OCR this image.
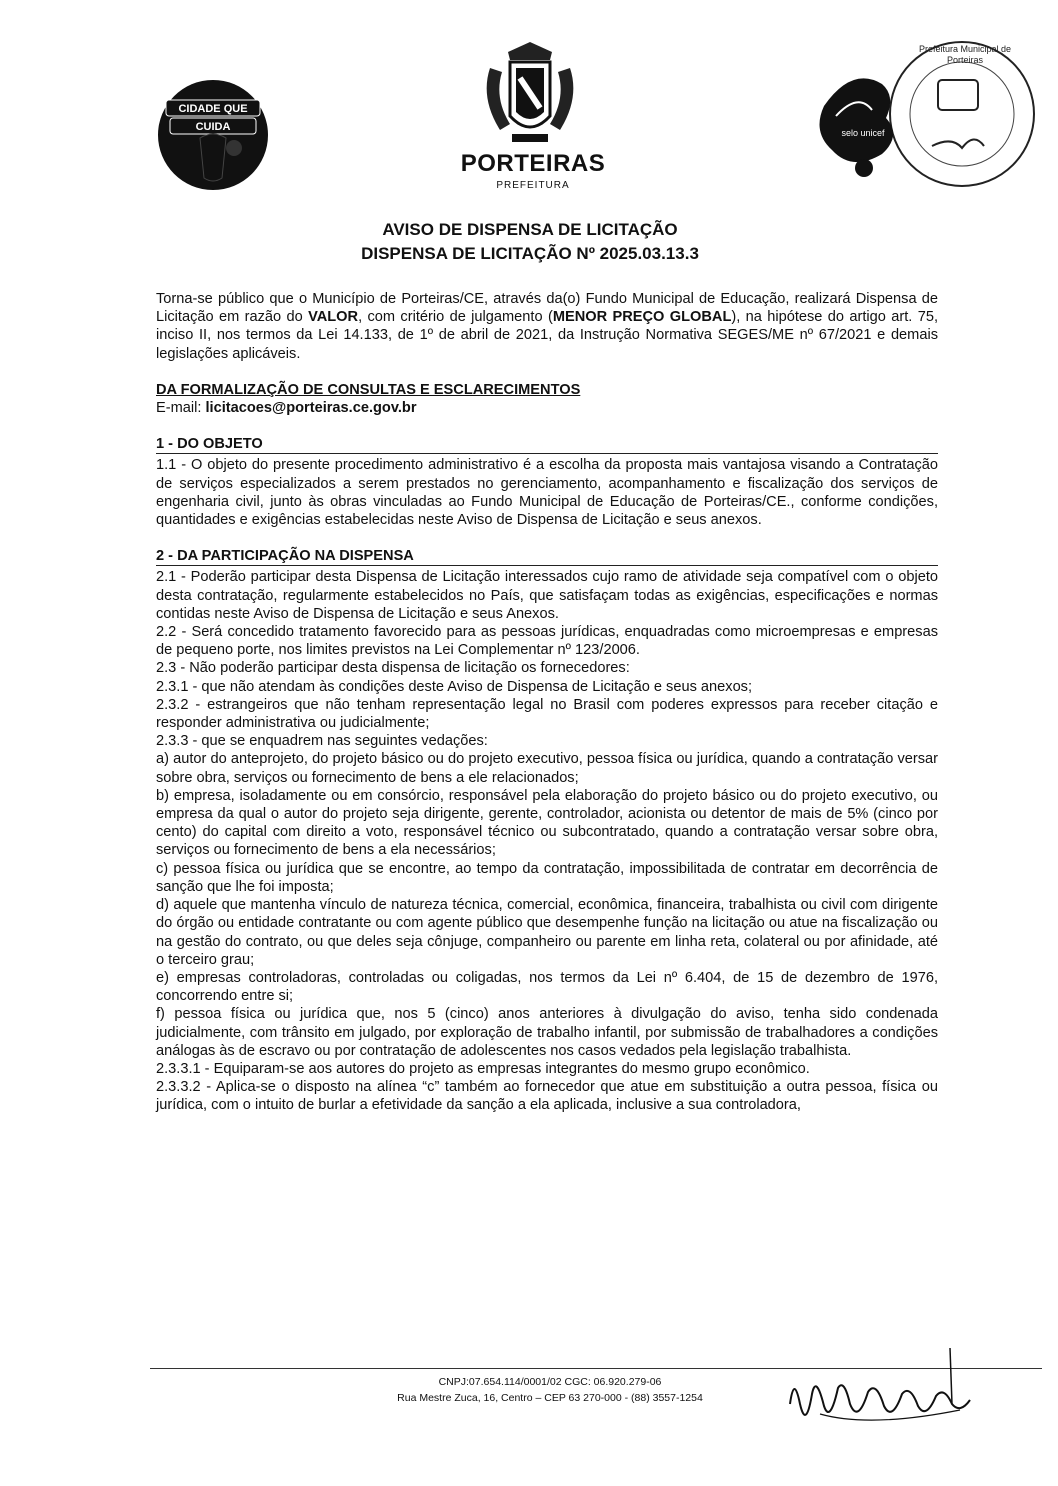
CIDADE QUE CUIDA
PORTEIRAS
PREFEITURA
selo unicef
Prefeitura Municipal de Porteiras
AVISO DE DISPENSA DE LICITAÇÃO
DISPENSA DE LICITAÇÃO Nº 2025.03.13.3

Torna-se público que o Município de Porteiras/CE, através da(o) Fundo Municipal de Educação, realizará Dispensa de Licitação em razão do VALOR, com critério de julgamento (MENOR PREÇO GLOBAL), na hipótese do artigo art. 75, inciso II, nos termos da Lei 14.133, de 1º de abril de 2021, da Instrução Normativa SEGES/ME nº 67/2021 e demais legislações aplicáveis.

DA FORMALIZAÇÃO DE CONSULTAS E ESCLARECIMENTOS

E-mail: licitacoes@porteiras.ce.gov.br

1 - DO OBJETO

1.1 - O objeto do presente procedimento administrativo é a escolha da proposta mais vantajosa visando a Contratação de serviços especializados a serem prestados no gerenciamento, acompanhamento e fiscalização dos serviços de engenharia civil, junto às obras vinculadas ao Fundo Municipal de Educação de Porteiras/CE., conforme condições, quantidades e exigências estabelecidas neste Aviso de Dispensa de Licitação e seus anexos.

2 - DA PARTICIPAÇÃO NA DISPENSA

2.1 - Poderão participar desta Dispensa de Licitação interessados cujo ramo de atividade seja compatível com o objeto desta contratação, regularmente estabelecidos no País, que satisfaçam todas as exigências, especificações e normas contidas neste Aviso de Dispensa de Licitação e seus Anexos.

2.2 - Será concedido tratamento favorecido para as pessoas jurídicas, enquadradas como microempresas e empresas de pequeno porte, nos limites previstos na Lei Complementar nº 123/2006.

2.3 - Não poderão participar desta dispensa de licitação os fornecedores:

2.3.1 - que não atendam às condições deste Aviso de Dispensa de Licitação e seus anexos;

2.3.2 - estrangeiros que não tenham representação legal no Brasil com poderes expressos para receber citação e responder administrativa ou judicialmente;

2.3.3 - que se enquadrem nas seguintes vedações:

a) autor do anteprojeto, do projeto básico ou do projeto executivo, pessoa física ou jurídica, quando a contratação versar sobre obra, serviços ou fornecimento de bens a ele relacionados;

b) empresa, isoladamente ou em consórcio, responsável pela elaboração do projeto básico ou do projeto executivo, ou empresa da qual o autor do projeto seja dirigente, gerente, controlador, acionista ou detentor de mais de 5% (cinco por cento) do capital com direito a voto, responsável técnico ou subcontratado, quando a contratação versar sobre obra, serviços ou fornecimento de bens a ela necessários;

c) pessoa física ou jurídica que se encontre, ao tempo da contratação, impossibilitada de contratar em decorrência de sanção que lhe foi imposta;

d) aquele que mantenha vínculo de natureza técnica, comercial, econômica, financeira, trabalhista ou civil com dirigente do órgão ou entidade contratante ou com agente público que desempenhe função na licitação ou atue na fiscalização ou na gestão do contrato, ou que deles seja cônjuge, companheiro ou parente em linha reta, colateral ou por afinidade, até o terceiro grau;

e) empresas controladoras, controladas ou coligadas, nos termos da Lei nº 6.404, de 15 de dezembro de 1976, concorrendo entre si;

f) pessoa física ou jurídica que, nos 5 (cinco) anos anteriores à divulgação do aviso, tenha sido condenada judicialmente, com trânsito em julgado, por exploração de trabalho infantil, por submissão de trabalhadores a condições análogas às de escravo ou por contratação de adolescentes nos casos vedados pela legislação trabalhista.

2.3.3.1 - Equiparam-se aos autores do projeto as empresas integrantes do mesmo grupo econômico.

2.3.3.2 - Aplica-se o disposto na alínea “c” também ao fornecedor que atue em substituição a outra pessoa, física ou jurídica, com o intuito de burlar a efetividade da sanção a ela aplicada, inclusive a sua controladora,

CNPJ:07.654.114/0001/02 CGC: 06.920.279-06
Rua Mestre Zuca, 16, Centro – CEP 63 270-000 - (88) 3557-1254
